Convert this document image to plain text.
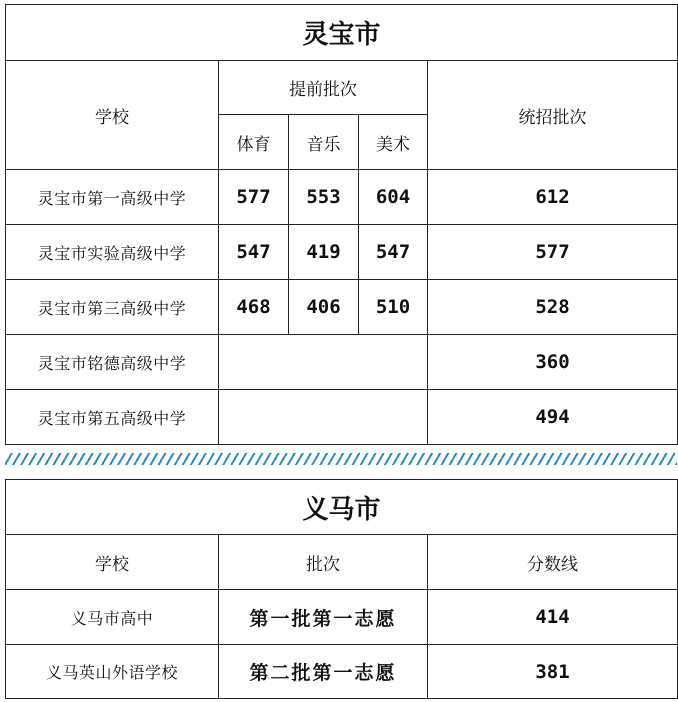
灵宝市				
学校	提前批次			统招批次
	体育	音乐	美术	
灵宝市第一高级中学	577	553	604	612
灵宝市实验高级中学	547	419	547	577
灵宝市第三高级中学	468	406	510	528
灵宝市铭德高级中学				360
灵宝市第五高级中学				494
义马市		
学校	批次	分数线
义马市高中	第一批第一志愿	414
义马英山外语学校	第二批第一志愿	381
